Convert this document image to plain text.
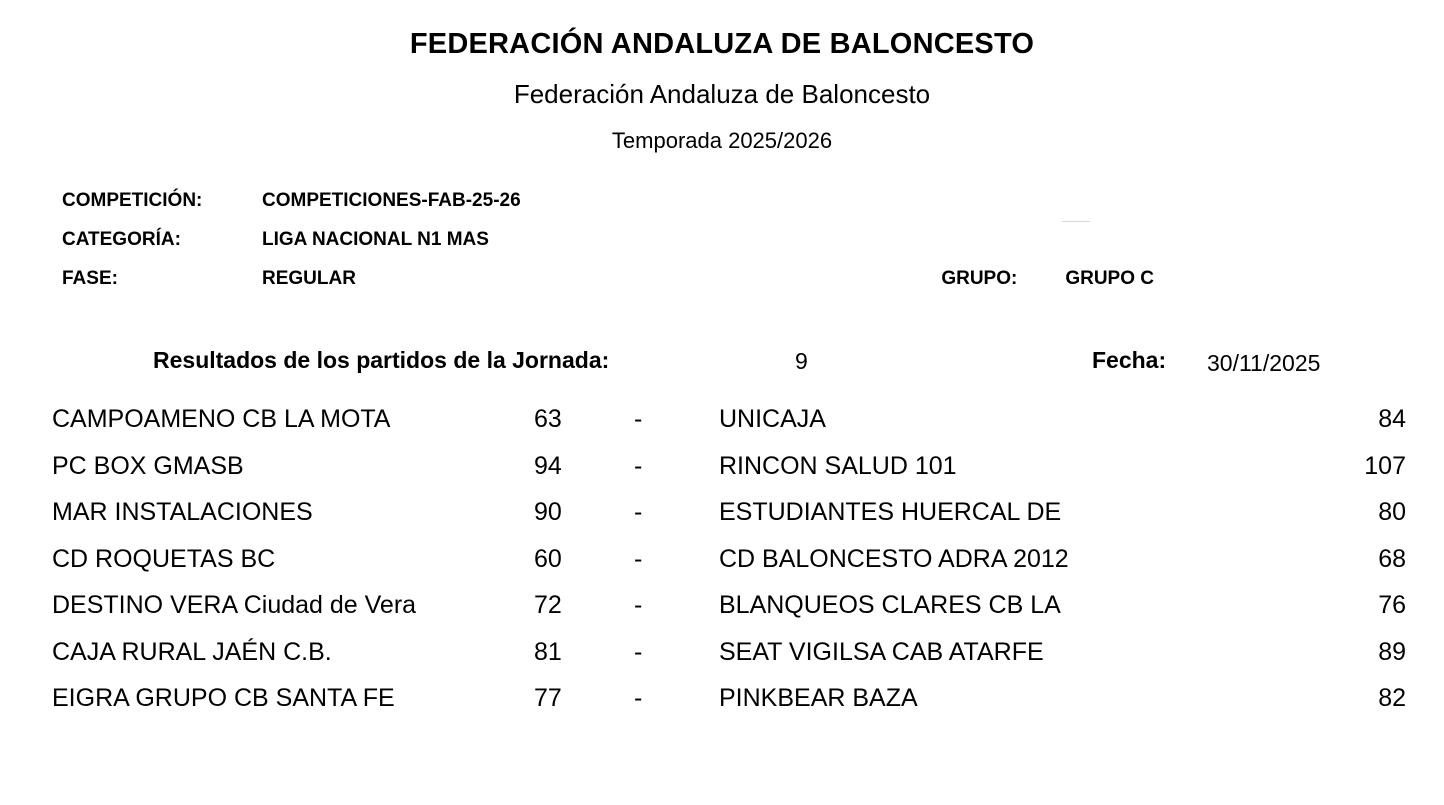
FEDERACIÓN ANDALUZA DE BALONCESTO
Federación Andaluza de Baloncesto
Temporada 2025/2026
COMPETICIÓN:	COMPETICIONES-FAB-25-26
CATEGORÍA:	LIGA NACIONAL N1 MAS
FASE:	REGULAR	GRUPO:	GRUPO C
Resultados de los partidos de la Jornada:	9	Fecha: 30/11/2025
CAMPOAMENO CB LA MOTA	63	-	UNICAJA	84
PC BOX GMASB	94	-	RINCON SALUD 101	107
MAR INSTALACIONES	90	-	ESTUDIANTES HUERCAL DE	80
CD ROQUETAS BC	60	-	CD BALONCESTO ADRA 2012	68
DESTINO VERA Ciudad de Vera	72	-	BLANQUEOS CLARES CB LA	76
CAJA RURAL JAÉN C.B.	81	-	SEAT VIGILSA CAB ATARFE	89
EIGRA GRUPO CB SANTA FE	77	-	PINKBEAR BAZA	82
